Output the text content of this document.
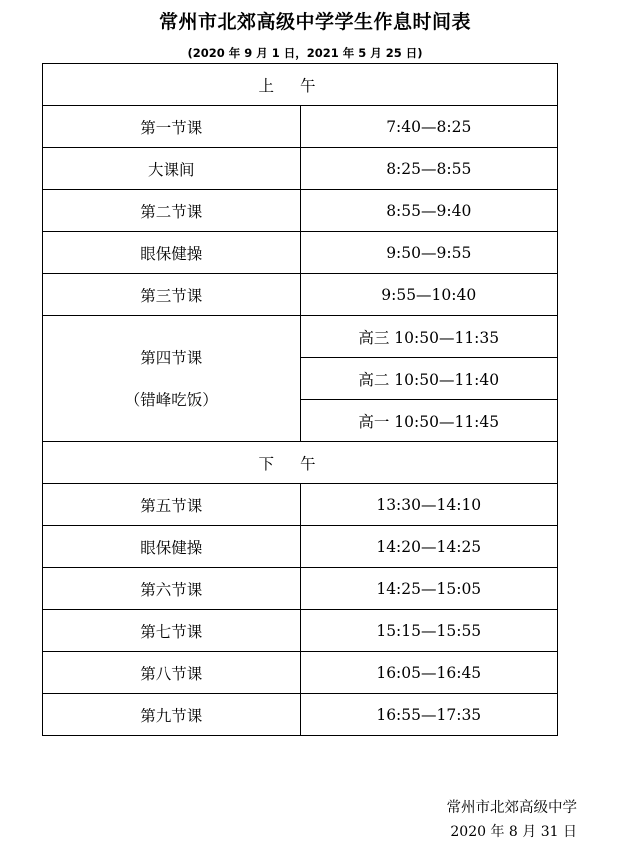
常州市北郊高级中学学生作息时间表
(2020 年 9 月 1 日，2021 年 5 月 25 日)
上午	
第一节课	7:40—8:25
大课间	8:25—8:55
第二节课	8:55—9:40
眼保健操	9:50—9:55
第三节课	9:55—10:40

第四节课
（错峰吃饭）	高三 10:50—11:35
	高二 10:50—11:40
	高一 10:50—11:45
下午	
第五节课	13:30—14:10
眼保健操	14:20—14:25
第六节课	14:25—15:05
第七节课	15:15—15:55
第八节课	16:05—16:45
第九节课	16:55—17:35
常州市北郊高级中学
2020 年 8 月 31 日
